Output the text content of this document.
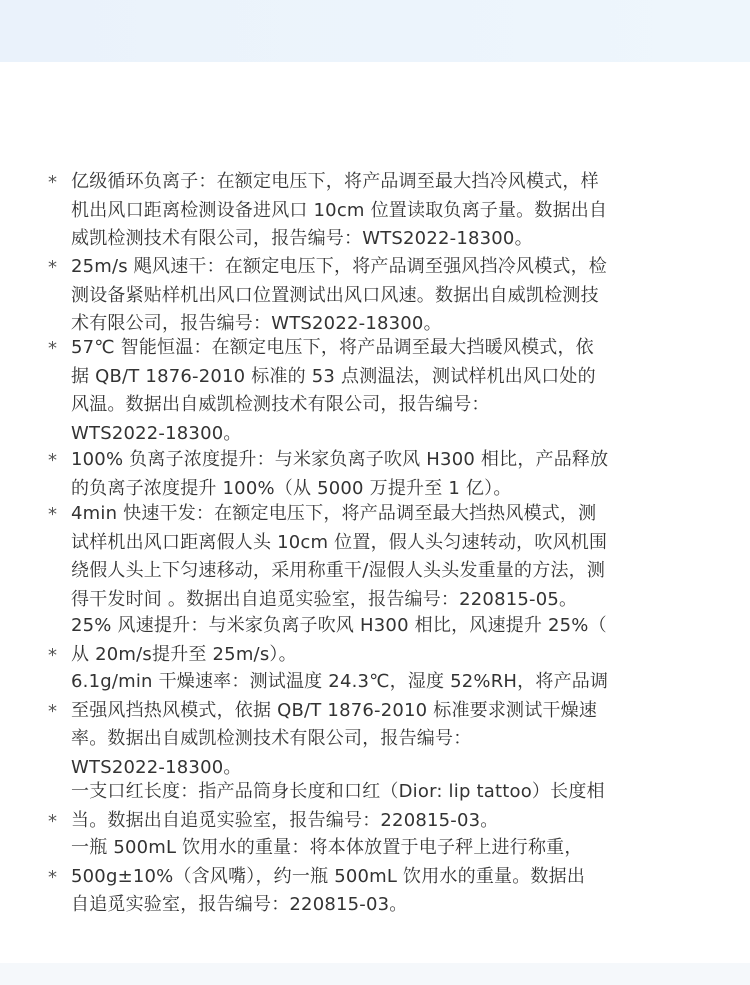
* 亿级循环负离子：在额定电压下，将产品调至最大挡冷风模式，样
机出风口距离检测设备进风口 10cm 位置读取负离子量。数据出自
威凯检测技术有限公司，报告编号：WTS2022-18300。
* 25m/s 飓风速干：在额定电压下，将产品调至强风挡冷风模式，检
测设备紧贴样机出风口位置测试出风口风速。数据出自威凯检测技
术有限公司，报告编号：WTS2022-18300。
* 57℃ 智能恒温：在额定电压下，将产品调至最大挡暖风模式，依
据 QB/T 1876-2010 标准的 53 点测温法，测试样机出风口处的
风温。数据出自威凯检测技术有限公司，报告编号：
WTS2022-18300。
* 100% 负离子浓度提升：与米家负离子吹风 H300 相比，产品释放
的负离子浓度提升 100%（从 5000 万提升至 1 亿）。
* 4min 快速干发：在额定电压下，将产品调至最大挡热风模式，测
试样机出风口距离假人头 10cm 位置，假人头匀速转动，吹风机围
绕假人头上下匀速移动，采用称重干/湿假人头头发重量的方法，测
得干发时间 。数据出自追觅实验室，报告编号：220815-05。
*
25% 风速提升：与米家负离子吹风 H300 相比，风速提升 25%（
从 20m/s提升至 25m/s）。
*
6.1g/min 干燥速率：测试温度 24.3℃，湿度 52%RH，将产品调
至强风挡热风模式，依据 QB/T 1876-2010 标准要求测试干燥速
率。数据出自威凯检测技术有限公司，报告编号：
WTS2022-18300。
*
一支口红长度：指产品筒身长度和口红（Dior: lip tattoo）长度相
当。数据出自追觅实验室，报告编号：220815-03。
*
一瓶 500mL 饮用水的重量：将本体放置于电子秤上进行称重，
500g±10%（含风嘴），约一瓶 500mL 饮用水的重量。数据出
自追觅实验室，报告编号：220815-03。
